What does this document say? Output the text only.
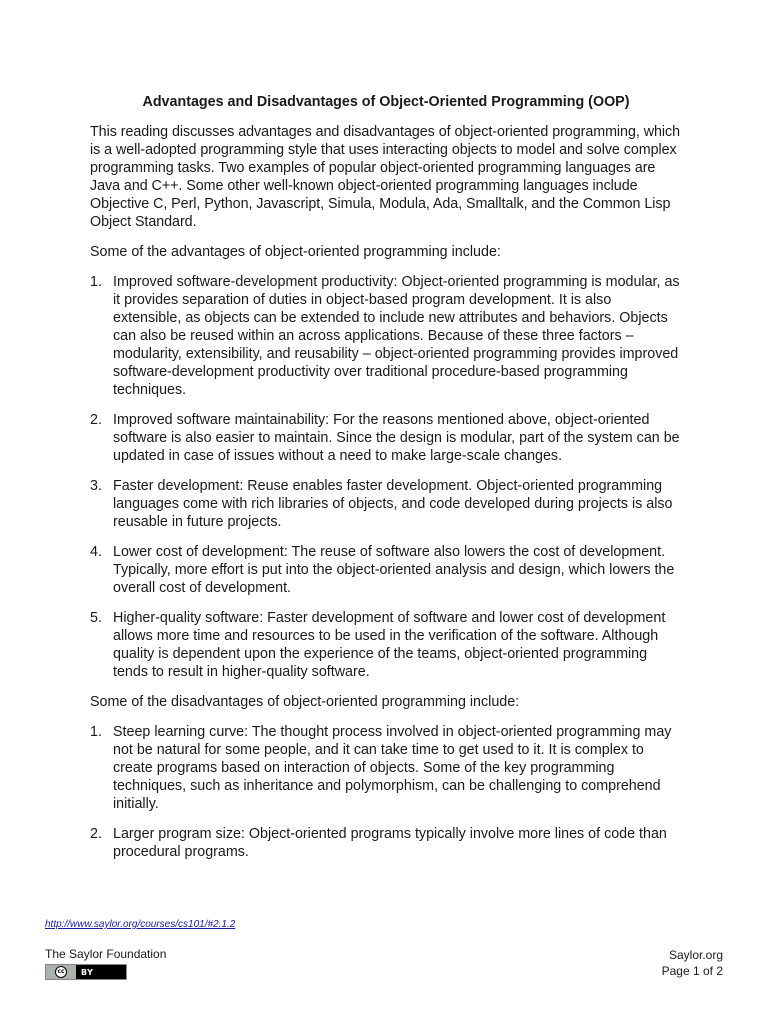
Advantages and Disadvantages of Object-Oriented Programming (OOP)

This reading discusses advantages and disadvantages of object-oriented programming, which is a well-adopted programming style that uses interacting objects to model and solve complex programming tasks. Two examples of popular object-oriented programming languages are Java and C++. Some other well-known object-oriented programming languages include Objective C, Perl, Python, Javascript, Simula, Modula, Ada, Smalltalk, and the Common Lisp Object Standard.

Some of the advantages of object-oriented programming include:

1. Improved software-development productivity: Object-oriented programming is modular, as it provides separation of duties in object-based program development. It is also extensible, as objects can be extended to include new attributes and behaviors. Objects can also be reused within an across applications. Because of these three factors – modularity, extensibility, and reusability – object-oriented programming provides improved software-development productivity over traditional procedure-based programming techniques.
2. Improved software maintainability: For the reasons mentioned above, object-oriented software is also easier to maintain. Since the design is modular, part of the system can be updated in case of issues without a need to make large-scale changes.
3. Faster development: Reuse enables faster development. Object-oriented programming languages come with rich libraries of objects, and code developed during projects is also reusable in future projects.
4. Lower cost of development: The reuse of software also lowers the cost of development. Typically, more effort is put into the object-oriented analysis and design, which lowers the overall cost of development.
5. Higher-quality software: Faster development of software and lower cost of development allows more time and resources to be used in the verification of the software. Although quality is dependent upon the experience of the teams, object-oriented programming tends to result in higher-quality software.

Some of the disadvantages of object-oriented programming include:

1. Steep learning curve: The thought process involved in object-oriented programming may not be natural for some people, and it can take time to get used to it. It is complex to create programs based on interaction of objects. Some of the key programming techniques, such as inheritance and polymorphism, can be challenging to comprehend initially.
2. Larger program size: Object-oriented programs typically involve more lines of code than procedural programs.
http://www.saylor.org/courses/cs101/#2.1.2
The Saylor Foundation
cc	BY
Saylor.org
Page 1 of 2
